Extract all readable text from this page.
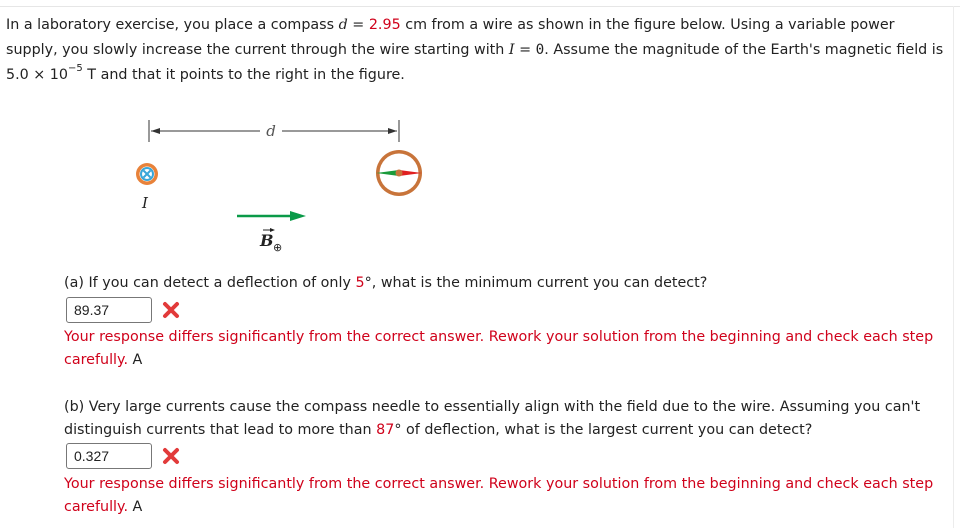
In a laboratory exercise, you place a compass d = 2.95 cm from a wire as shown in the figure below. Using a variable power supply, you slowly increase the current through the wire starting with I = 0. Assume the magnitude of the Earth's magnetic field is $5.0 \times 10^{-5}$ T and that it points to the right in the figure.
d
I
B ⊕
(a) If you can detect a deflection of only 5°, what is the minimum current you can detect?
89.37
Your response differs significantly from the correct answer. Rework your solution from the beginning and check each step carefully. A
(b) Very large currents cause the compass needle to essentially align with the field due to the wire. Assuming you can't distinguish currents that lead to more than 87° of deflection, what is the largest current you can detect?
0.327
Your response differs significantly from the correct answer. Rework your solution from the beginning and check each step carefully. A
